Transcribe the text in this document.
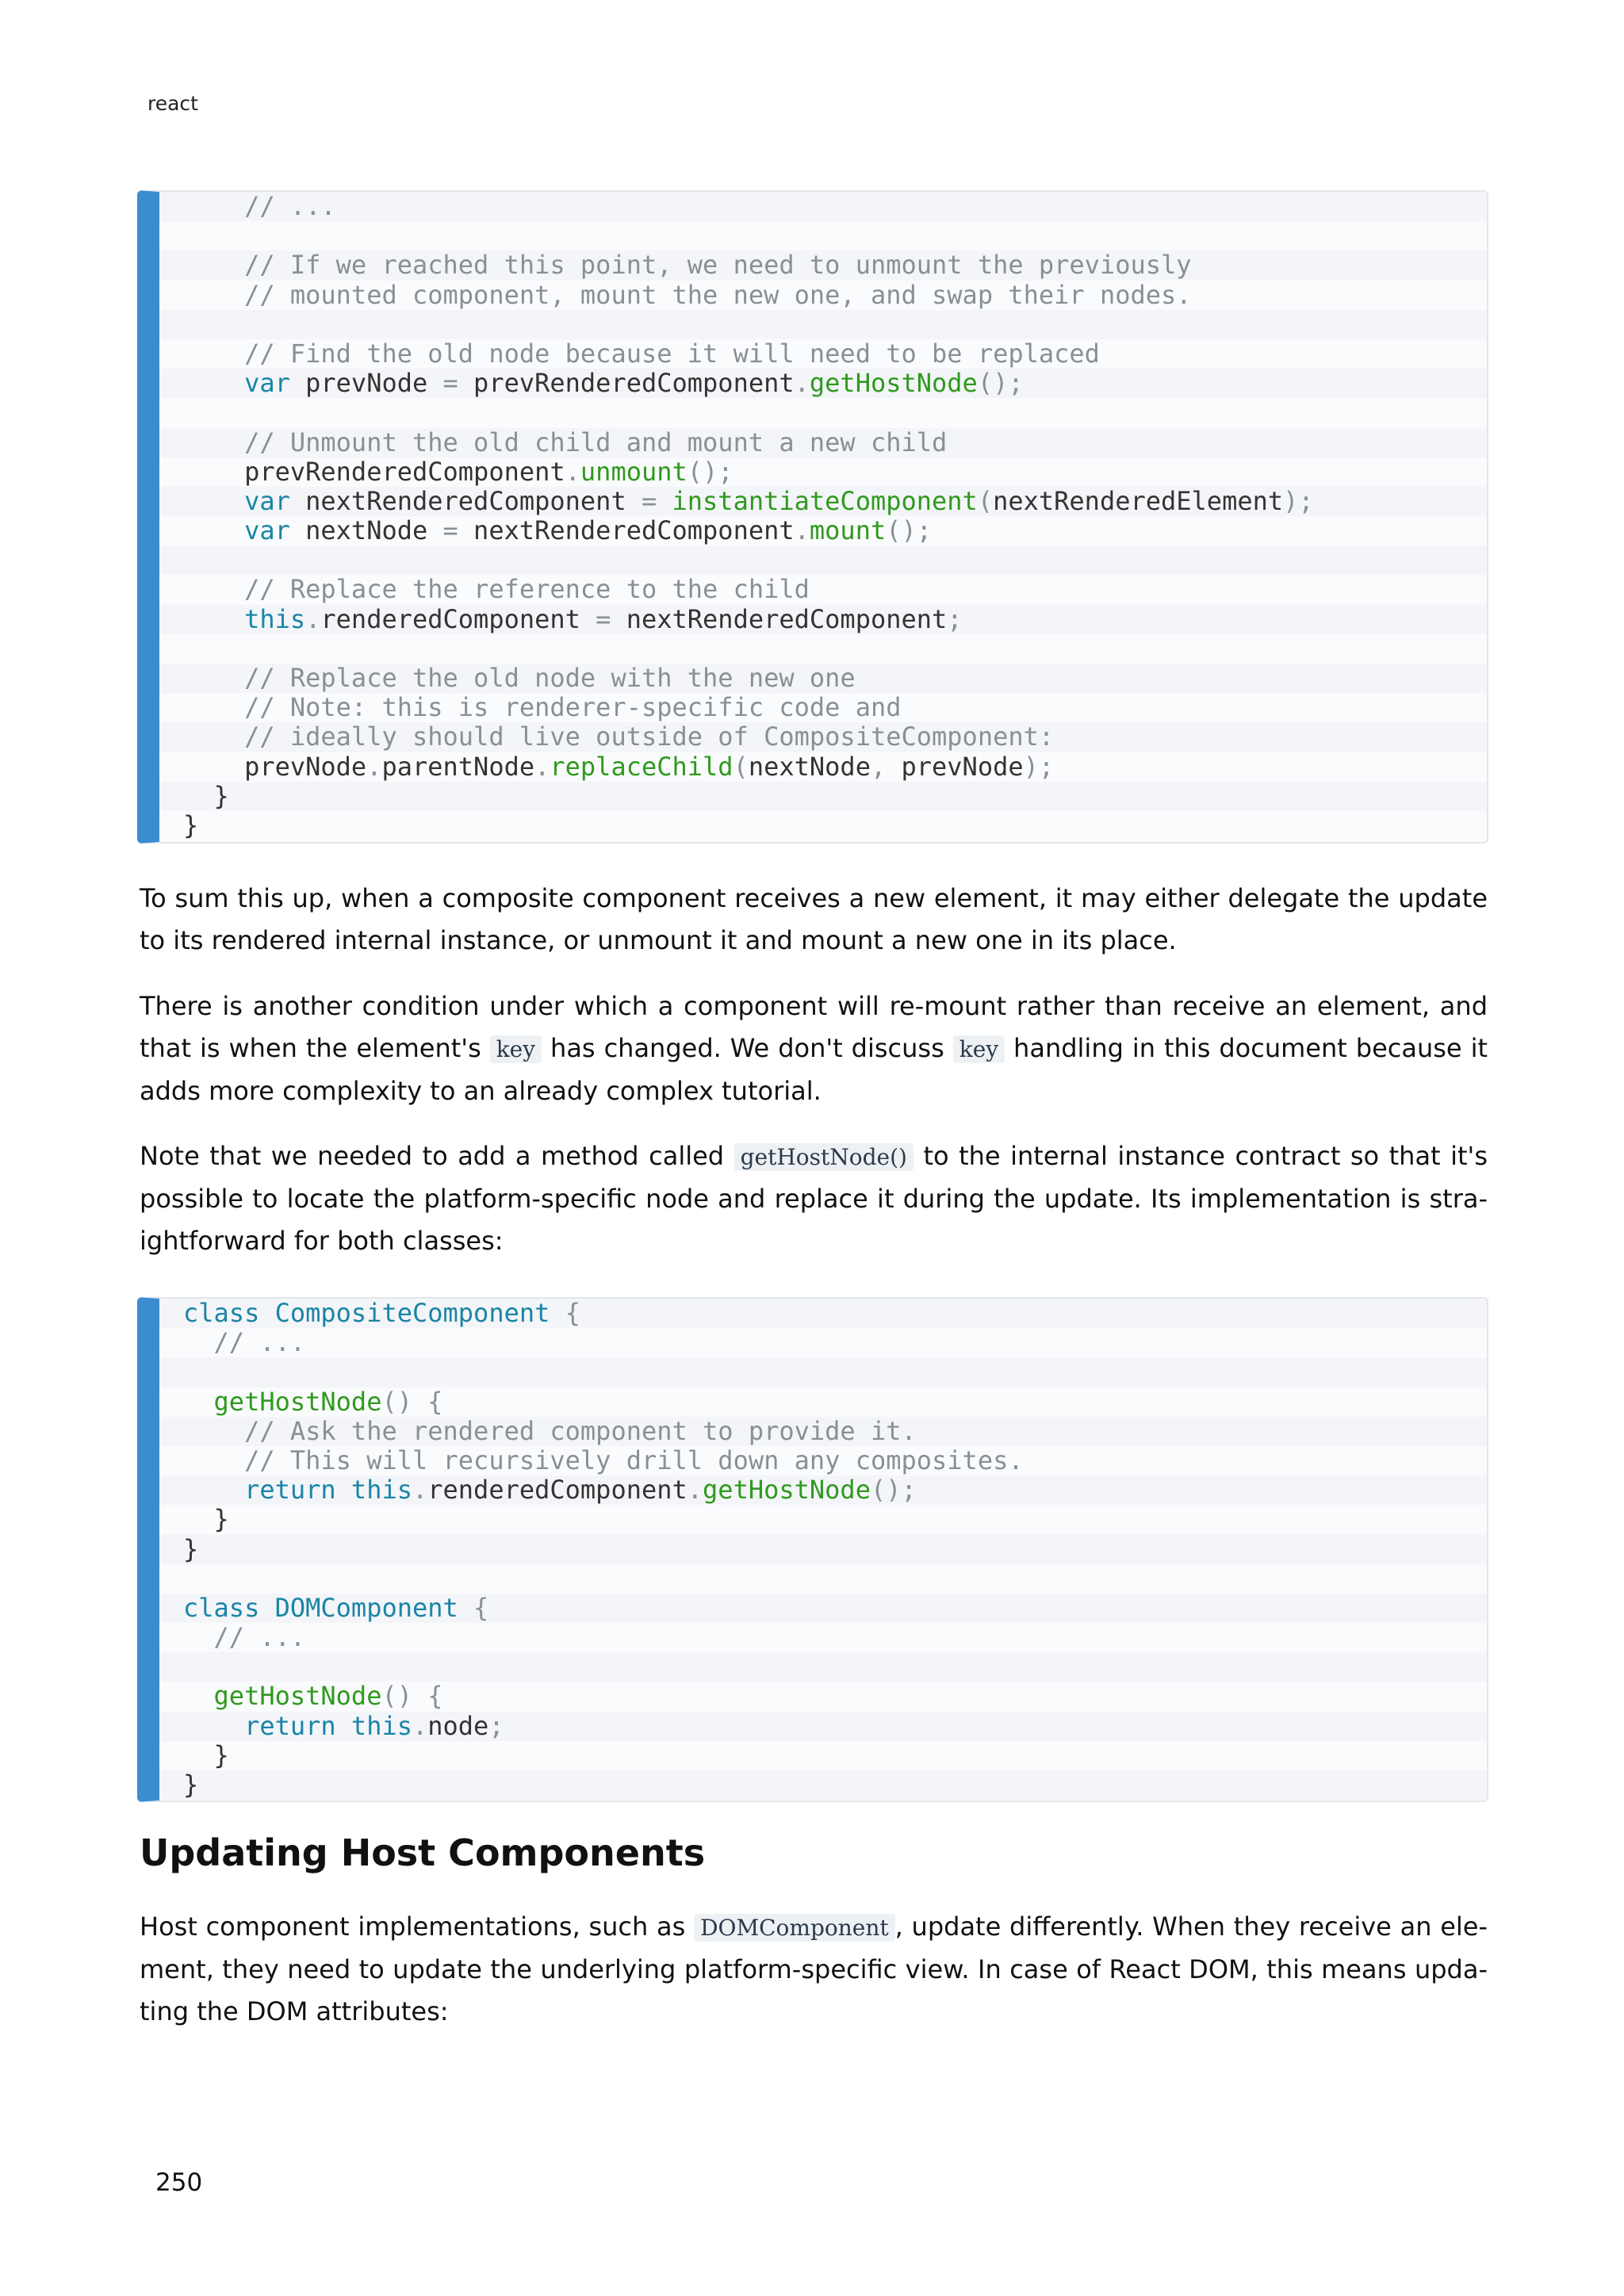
react
// ...
// If we reached this point, we need to unmount the previously
// mounted component, mount the new one, and swap their nodes.
// Find the old node because it will need to be replaced
var prevNode = prevRenderedComponent.getHostNode();
// Unmount the old child and mount a new child
prevRenderedComponent.unmount();
var nextRenderedComponent = instantiateComponent(nextRenderedElement);
var nextNode = nextRenderedComponent.mount();
// Replace the reference to the child
this.renderedComponent = nextRenderedComponent;
// Replace the old node with the new one
// Note: this is renderer-specific code and
// ideally should live outside of CompositeComponent:
prevNode.parentNode.replaceChild(nextNode, prevNode);
}
}

To sum this up, when a composite component receives a new element, it may either delegate the update to its rendered internal instance, or unmount it and mount a new one in its place.

There is another condition under which a component will re-mount rather than receive an element, and that is when the element's key has changed. We don't discuss key handling in this document because it adds more complexity to an already complex tutorial.

Note that we needed to add a method called getHostNode() to the internal instance contract so that it's possible to locate the platform-specific node and replace it during the update. Its implementation is stra-ightforward for both classes:

class CompositeComponent {
// ...
getHostNode() {
// Ask the rendered component to provide it.
// This will recursively drill down any composites.
return this.renderedComponent.getHostNode();
}
}
class DOMComponent {
// ...
getHostNode() {
return this.node;
}
}
Updating Host Components

Host component implementations, such as DOMComponent , update differently. When they receive an ele-ment, they need to update the underlying platform-specific view. In case of React DOM, this means upda-ting the DOM attributes:

250
